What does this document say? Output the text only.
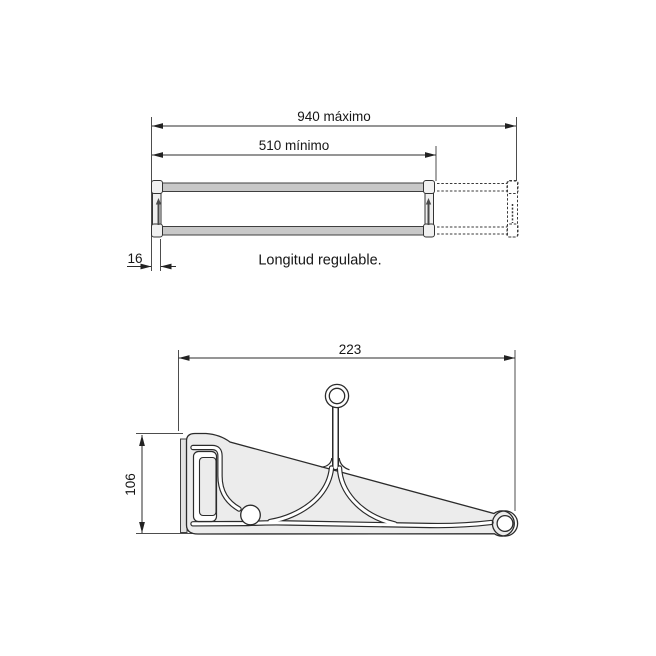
940 máximo
510 mínimo
16	Longitud regulable.
223
106
